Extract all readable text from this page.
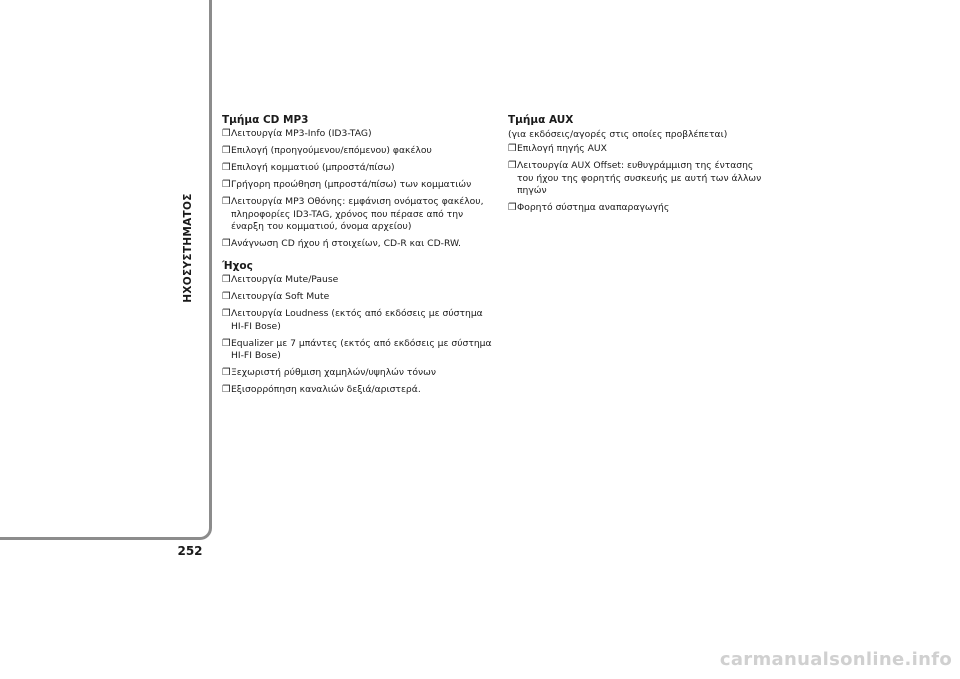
ΗΧΟΣΥΣΤΗΜΑΤΟΣ
252
Τμήμα CD MP3
❒ Λειτουργία MP3-Info (ID3-TAG)
❒ Επιλογή (προηγούμενου/επόμενου) φακέλου
❒ Επιλογή κομματιού (μπροστά/πίσω)
❒ Γρήγορη προώθηση (μπροστά/πίσω) των κομματιών
❒ Λειτουργία MP3 Οθόνης: εμφάνιση ονόματος φακέλου, πληροφορίες ID3-TAG, χρόνος που πέρασε από την έναρξη του κομματιού, όνομα αρχείου)
❒ Ανάγνωση CD ήχου ή στοιχείων, CD-R και CD-RW.
Ήχος
❒ Λειτουργία Mute/Pause
❒ Λειτουργία Soft Mute
❒ Λειτουργία Loudness (εκτός από εκδόσεις με σύστημα HI-FI Bose)
❒ Equalizer με 7 μπάντες (εκτός από εκδόσεις με σύστημα HI-FI Bose)
❒ Ξεχωριστή ρύθμιση χαμηλών/υψηλών τόνων
❒ Εξισορρόπηση καναλιών δεξιά/αριστερά.
Τμήμα AUX
(για εκδόσεις/αγορές στις οποίες προβλέπεται)
❒ Επιλογή πηγής AUX
❒ Λειτουργία AUX Offset: ευθυγράμμιση της έντασης του ήχου της φορητής συσκευής με αυτή των άλλων πηγών
❒ Φορητό σύστημα αναπαραγωγής
carmanualsonline.info
